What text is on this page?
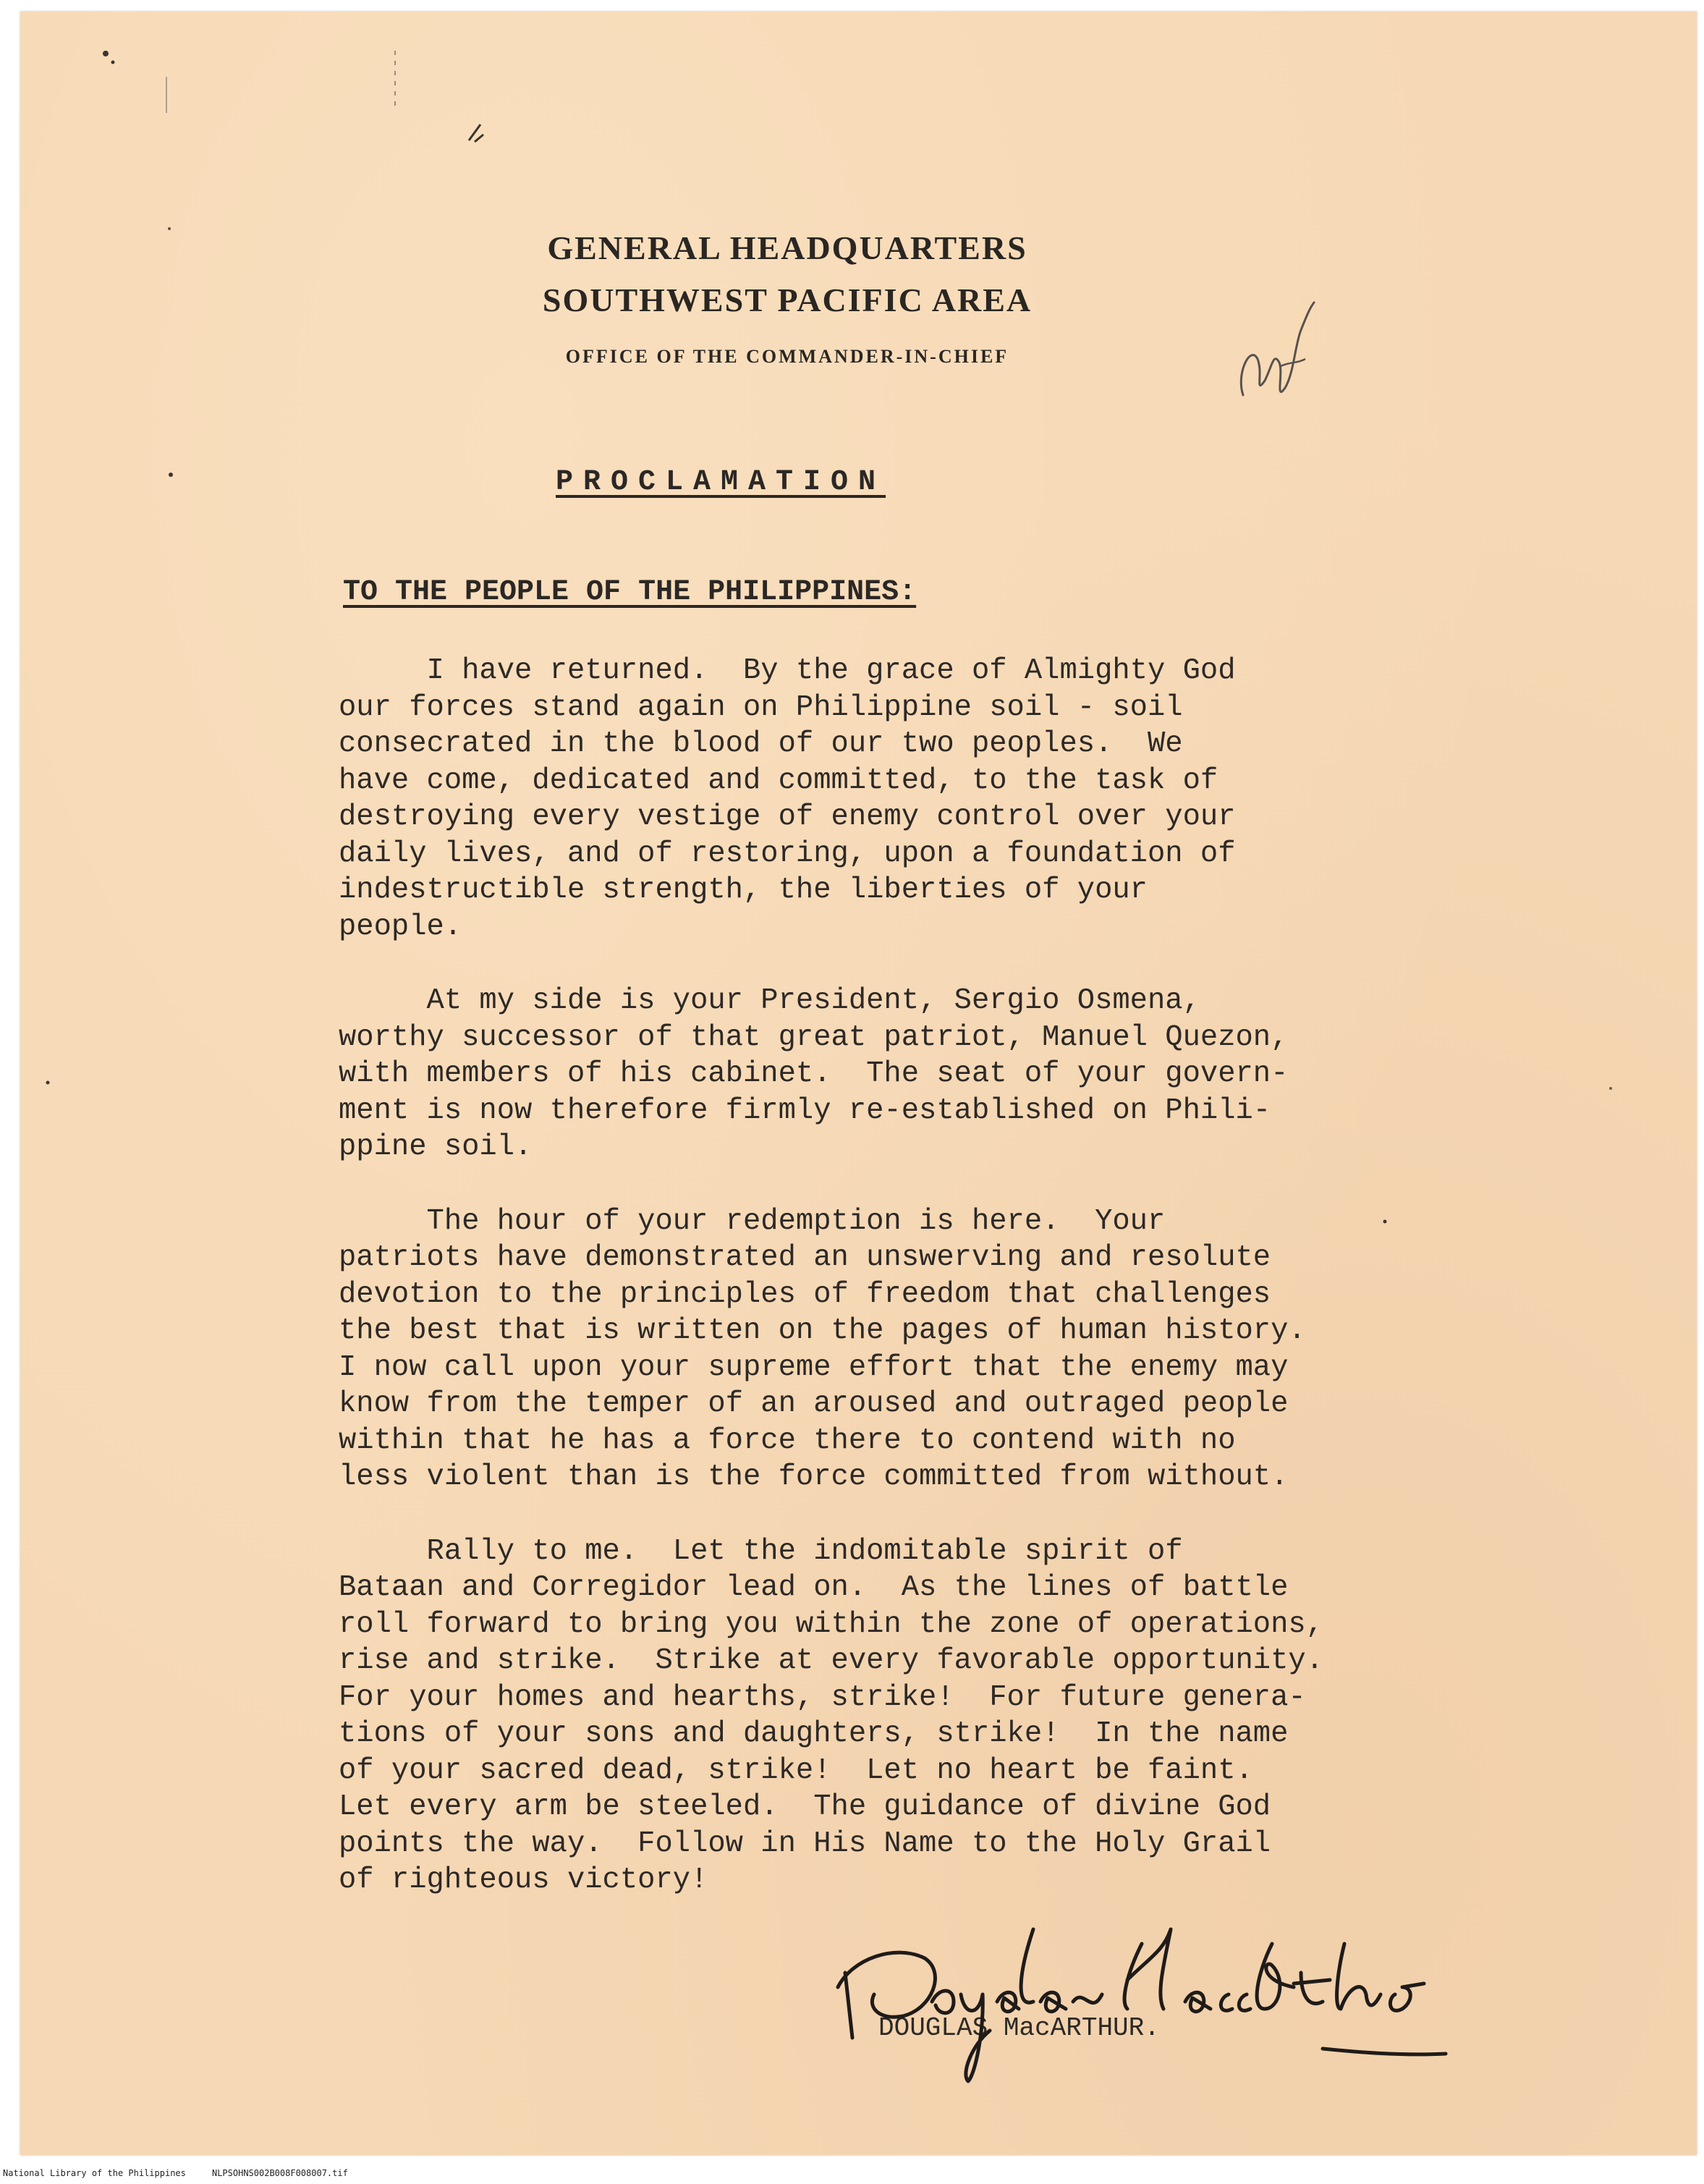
GENERAL HEADQUARTERS
SOUTHWEST PACIFIC AREA
OFFICE OF THE COMMANDER-IN-CHIEF
PROCLAMATION
TO THE PEOPLE OF THE PHILIPPINES:
I have returned.  By the grace of Almighty God
our forces stand again on Philippine soil - soil
consecrated in the blood of our two peoples.  We
have come, dedicated and committed, to the task of
destroying every vestige of enemy control over your
daily lives, and of restoring, upon a foundation of
indestructible strength, the liberties of your
people.
At my side is your President, Sergio Osmena,
worthy successor of that great patriot, Manuel Quezon,
with members of his cabinet.  The seat of your govern-
ment is now therefore firmly re-established on Phili-
ppine soil.
The hour of your redemption is here.  Your
patriots have demonstrated an unswerving and resolute
devotion to the principles of freedom that challenges
the best that is written on the pages of human history.
I now call upon your supreme effort that the enemy may
know from the temper of an aroused and outraged people
within that he has a force there to contend with no
less violent than is the force committed from without.
Rally to me.  Let the indomitable spirit of
Bataan and Corregidor lead on.  As the lines of battle
roll forward to bring you within the zone of operations,
rise and strike.  Strike at every favorable opportunity.
For your homes and hearths, strike!  For future genera-
tions of your sons and daughters, strike!  In the name
of your sacred dead, strike!  Let no heart be faint.
Let every arm be steeled.  The guidance of divine God
points the way.  Follow in His Name to the Holy Grail
of righteous victory!
DOUGLAS MacARTHUR.
National Library of the Philippines     NLPSOHNS002B008F008007.tif
